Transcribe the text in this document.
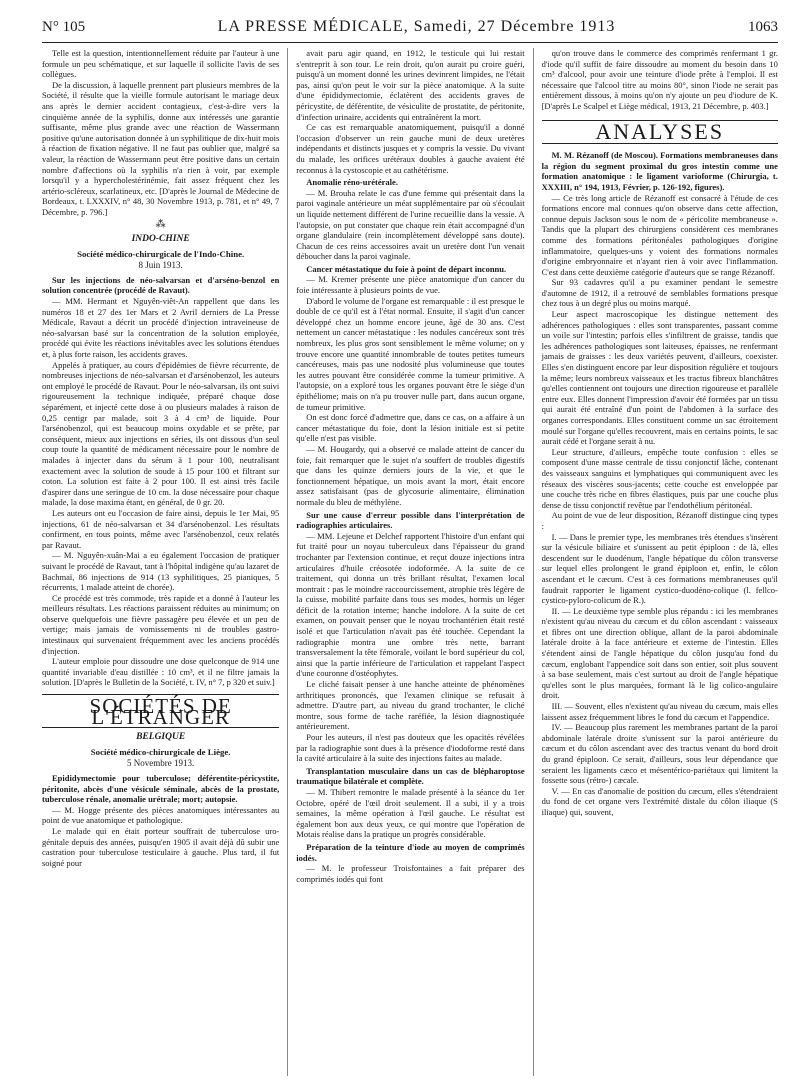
N° 105	LA PRESSE MÉDICALE, Samedi, 27 Décembre 1913	1063

Telle est la question, intentionnellement réduite par l'auteur à une formule un peu schématique, et sur laquelle il sollicite l'avis de ses collègues.

De la discussion, à laquelle prennent part plusieurs membres de la Société, il résulte que la vieille formule autorisant le mariage deux ans après le dernier accident contagieux, c'est-à-dire vers la cinquième année de la syphilis, donne aux intéressés une garantie suffisante, même plus grande avec une réaction de Wassermann positive qu'une autorisation donnée à un syphilitique de dix-huit mois à réaction de fixation négative. Il ne faut pas oublier que, malgré sa valeur, la réaction de Wassermann peut être positive dans un certain nombre d'affections où la syphilis n'a rien à voir, par exemple lorsqu'il y a hypercholestérinémie, fait assez fréquent chez les artério-scléreux, scarlatineux, etc. [D'après le Journal de Médecine de Bordeaux, t. LXXXIV, n° 48, 30 Novembre 1913, p. 781, et n° 49, 7 Décembre, p. 796.]

⁂
INDO-CHINE
Société médico-chirurgicale de l'Indo-Chine.
8 Juin 1913.

Sur les injections de néo-salvarsan et d'arséno-benzol en solution concentrée (procédé de Ravaut).

— MM. Hermant et Nguyên-viêt-An rappellent que dans les numéros 18 et 27 des 1er Mars et 2 Avril derniers de La Presse Médicale, Ravaut a décrit un procédé d'injection intraveineuse de néo-salvarsan basé sur la concentration de la solution employée, procédé qui évite les réactions inévitables avec les solutions étendues et, à plus forte raison, les accidents graves.

Appelés à pratiquer, au cours d'épidémies de fièvre récurrente, de nombreuses injections de néo-salvarsan et d'arsénobenzol, les auteurs ont employé le procédé de Ravaut. Pour le néo-salvarsan, ils ont suivi rigoureusement la technique indiquée, préparé chaque dose séparément, et injecté cette dose à ou plusieurs malades à raison de 0,25 centigr par malade, soit 3 à 4 cm³ de liquide. Pour l'arsénobenzol, qui est beaucoup moins oxydable et se prête, par conséquent, mieux aux injections en séries, ils ont dissous d'un seul coup toute la quantité de médicament nécessaire pour le nombre de malades à injecter dans du sérum à 1 pour 100, neutralisant exactement avec la solution de soude à 15 pour 100 et filtrant sur coton. La solution est faite à 2 pour 100. Il est ainsi très facile d'aspirer dans une seringue de 10 cm. la dose nécessaire pour chaque malade, la dose maxima étant, en général, de 0 gr. 20.

Les auteurs ont eu l'occasion de faire ainsi, depuis le 1er Mai, 95 injections, 61 de néo-salvarsan et 34 d'arsénobenzol. Les résultats confirment, en tous points, même avec l'arsénobenzol, ceux relatés par Ravaut.

— M. Nguyên-xuân-Mai a eu également l'occasion de pratiquer suivant le procédé de Ravaut, tant à l'hôpital indigène qu'au lazaret de Bachmaï, 86 injections de 914 (13 syphilitiques, 25 pianiques, 5 récurrents, 1 malade atteint de chorée).

Ce procédé est très commode, très rapide et a donné à l'auteur les meilleurs résultats. Les réactions paraissent réduites au minimum; on observe quelquefois une fièvre passagère peu élevée et un peu de vertige; mais jamais de vomissements ni de troubles gastro-intestinaux qui survenaient fréquemment avec les anciens procédés d'injection.

L'auteur emploie pour dissoudre une dose quelconque de 914 une quantité invariable d'eau distillée : 10 cm³, et il ne filtre jamais la solution. [D'après le Bulletin de la Société, t. IV, n° 7, p 320 et suiv.]

SOCIÉTÉS DE L'ÉTRANGER
BELGIQUE
Société médico-chirurgicale de Liège.
5 Novembre 1913.

Epididymectomie pour tuberculose; déférentite-péricystite, péritonite, abcès d'une vésicule séminale, abcès de la prostate, tuberculose rénale, anomalie urétrale; mort; autopsie.

— M. Hogge présente des pièces anatomiques intéressantes au point de vue anatomique et pathologique.

Le malade qui en était porteur souffrait de tuberculose uro-génitale depuis des années, puisqu'en 1905 il avait déjà dû subir une castration pour tuberculose testiculaire à gauche. Plus tard, il fut soigné pour

avait paru agir quand, en 1912, le testicule qui lui restait s'entreprit à son tour. Le rein droit, qu'on aurait pu croire guéri, puisqu'à un moment donné les urines devinrent limpides, ne l'était pas, ainsi qu'on peut le voir sur la pièce anatomique. A la suite d'une épididymectomie, éclatèrent des accidents graves de péricystite, de déférentite, de vésiculite de prostatite, de péritonite, d'infection urinaire, accidents qui entraînèrent la mort.

Ce cas est remarquable anatomiquement, puisqu'il a donné l'occasion d'observer un rein gauche muni de deux uretères indépendants et distincts jusques et y compris la vessie. Du vivant du malade, les orifices urétéraux doubles à gauche avaient été reconnus à la cystoscopie et au cathétérisme.

Anomalie réno-urétérale.

— M. Brouha relate le cas d'une femme qui présentait dans la paroi vaginale antérieure un méat supplémentaire par où s'écoulait un liquide nettement différent de l'urine recueillie dans la vessie. A l'autopsie, on put constater que chaque rein était accompagné d'un organe glandulaire (rein incomplètement développé sans doute). Chacun de ces reins accessoires avait un uretère dont l'un venait déboucher dans la paroi vaginale.

Cancer métastatique du foie à point de départ inconnu.

— M. Kremer présente une pièce anatomique d'un cancer du foie intéressante à plusieurs points de vue.

D'abord le volume de l'organe est remarquable : il est presque le double de ce qu'il est à l'état normal. Ensuite, il s'agit d'un cancer développé chez un homme encore jeune, âgé de 30 ans. C'est nettement un cancer métastatique : les nodules cancéreux sont très nombreux, les plus gros sont sensiblement le même volume; on y trouve encore une quantité innombrable de toutes petites tumeurs cancéreuses, mais pas une nodosité plus volumineuse que toutes les autres pouvant être considérée comme la tumeur primitive. A l'autopsie, on a exploré tous les organes pouvant être le siège d'un épithéliome; mais on n'a pu trouver nulle part, dans aucun organe, de tumeur primitive.

On est donc forcé d'admettre que, dans ce cas, on a affaire à un cancer métastatique du foie, dont la lésion initiale est si petite qu'elle n'est pas visible.

— M. Hougardy, qui a observé ce malade atteint de cancer du foie, fait remarquer que le sujet n'a souffert de troubles digestifs que dans les quinze derniers jours de la vie, et que le fonctionnement hépatique, un mois avant la mort, était encore assez satisfaisant (pas de glycosurie alimentaire, élimination normale du bleu de méthylène.

Sur une cause d'erreur possible dans l'interprétation de radiographies articulaires.

— MM. Lejeune et Delchef rapportent l'histoire d'un enfant qui fut traité pour un noyau tuberculeux dans l'épaisseur du grand trochanter par l'extension continue, et reçut douze injections intra articulaires d'huile créosotée iodoformée. A la suite de ce traitement, qui donna un très brillant résultat, l'examen local montrait : pas le moindre raccourcissement, atrophie très légère de la cuisse, mobilité parfaite dans tous ses modes, hormis un léger déficit de la rotation interne; hanche indolore. A la suite de cet examen, on pouvait penser que le noyau trochantérien était resté isolé et que l'articulation n'avait pas été touchée. Cependant la radiographie montra une ombre très nette, barrant transversalement la tête fémorale, voilant le bord supérieur du col, ainsi que la partie inférieure de l'articulation et rappelant l'aspect d'une couronne d'ostéophytes.

Le cliché faisait penser à une hanche atteinte de phénomènes arthritiques prononcés, que l'examen clinique se refusait à admettre. D'autre part, au niveau du grand trochanter, le cliché montre, sous forme de tache raréfiée, la lésion diagnostiquée antérieurement.

Pour les auteurs, il n'est pas douteux que les opacités révélées par la radiographie sont dues à la présence d'iodoforme resté dans la cavité articulaire à la suite des injections faites au malade.

Transplantation musculaire dans un cas de blépharoptose traumatique bilatérale et complète.

— M. Thibert remontre le malade présenté à la séance du 1er Octobre, opéré de l'œil droit seulement. Il a subi, il y a trois semaines, la même opération à l'œil gauche. Le résultat est également bon aux deux yeux, ce qui montre que l'opération de Motais réalise dans la pratique un progrès considérable.

Préparation de la teinture d'iode au moyen de comprimés iodés.

— M. le professeur Troisfontaines a fait préparer des comprimés iodés qui font

qu'on trouve dans le commerce des comprimés renfermant 1 gr. d'iode qu'il suffit de faire dissoudre au moment du besoin dans 10 cm³ d'alcool, pour avoir une teinture d'iode prête à l'emploi. Il est nécessaire que l'alcool titre au moins 80°, sinon l'iode ne serait pas entièrement dissous, à moins qu'on n'y ajoute un peu d'iodure de K. [D'après Le Scalpel et Liège médical, 1913, 21 Décembre, p. 403.]

ANALYSES

M. M. Rézanoff (de Moscou). Formations membraneuses dans la région du segment proximal du gros intestin comme une formation anatomique : le ligament varioforme (Chirurgia, t. XXXIII, n° 194, 1913, Février, p. 126-192, figures).

— Ce très long article de Rézanoff est consacré à l'étude de ces formations encore mal connues qu'on observe dans cette affection, connue depuis Jackson sous le nom de « péricolite membraneuse ». Tandis que la plupart des chirurgiens considèrent ces membranes comme des formations péritonéales pathologiques d'origine inflammatoire, quelques-uns y voient des formations normales d'origine embryonnaire et n'ayant rien à voir avec l'inflammation. C'est dans cette deuxième catégorie d'auteurs que se range Rézanoff.

Sur 93 cadavres qu'il a pu examiner pendant le semestre d'automne de 1912, il a retrouvé de semblables formations presque chez tous à un degré plus ou moins marqué.

Leur aspect macroscopique les distingue nettement des adhérences pathologiques : elles sont transparentes, passant comme un voile sur l'intestin; parfois elles s'infiltrent de graisse, tandis que les adhérences pathologiques sont laiteuses, épaisses, ne renfermant jamais de graisses : les deux variétés peuvent, d'ailleurs, coexister. Elles s'en distinguent encore par leur disposition régulière et toujours la même; leurs nombreux vaisseaux et les tractus fibreux blanchâtres qu'elles contiennent ont toujours une direction rigoureuse et parallèle entre eux. Elles donnent l'impression d'avoir été formées par un tissu qui aurait été entraîné d'un point de l'abdomen à la surface des organes correspondants. Elles constituent comme un sac étroitement moulé sur l'organe qu'elles recouvrent, mais en certains points, le sac aurait cédé et l'organe serait à nu.

Leur structure, d'ailleurs, empêche toute confusion : elles se composent d'une masse centrale de tissu conjonctif lâche, contenant des vaisseaux sanguins et lymphatiques qui communiquent avec les réseaux des viscères sous-jacents; cette couche est enveloppée par une couche très riche en fibres élastiques, puis par une couche plus dense de tissu conjonctif revêtue par l'endothélium péritonéal.

Au point de vue de leur disposition, Rézanoff distingue cinq types :

I. — Dans le premier type, les membranes très étendues s'insèrent sur la vésicule biliaire et s'unissent au petit épiploon : de là, elles descendent sur le duodénum, l'angle hépatique du côlon transverse sur lequel elles prolongent le grand épiploon et, enfin, le côlon ascendant et le cæcum. C'est à ces formations membraneuses qu'il faudrait rapporter le ligament cystico-duodéno-colique (l. fellco-cystico-pyloro-colicum de R.).

II. — Le deuxième type semble plus répandu : ici les membranes n'existent qu'au niveau du cæcum et du côlon ascendant : vaisseaux et fibres ont une direction oblique, allant de la paroi abdominale latérale droite à la face antérieure et externe de l'intestin. Elles s'étendent ainsi de l'angle hépatique du côlon jusqu'au fond du cæcum, englobant l'appendice soit dans son entier, soit plus souvent à sa base seulement, mais c'est surtout au droit de l'angle hépatique qu'elles sont le plus marquées, formant là le lig colico-angulaire droit.

III. — Souvent, elles n'existent qu'au niveau du cæcum, mais elles laissent assez fréquemment libres le fond du cæcum et l'appendice.

IV. — Beaucoup plus rarement les membranes partant de la paroi abdominale latérale droite s'unissent sur la paroi antérieure du cæcum et du côlon ascendant avec des tractus venant du bord droit du grand épiploon. Ce serait, d'ailleurs, sous leur dépendance que seraient les ligaments cæco et mésentérico-pariétaux qui limitent la fossette sous (rétro-) cæcale.

V. — En cas d'anomalie de position du cæcum, elles s'étendraient du fond de cet organe vers l'extrémité distale du côlon iliaque (S iliaque) qui, souvent,
